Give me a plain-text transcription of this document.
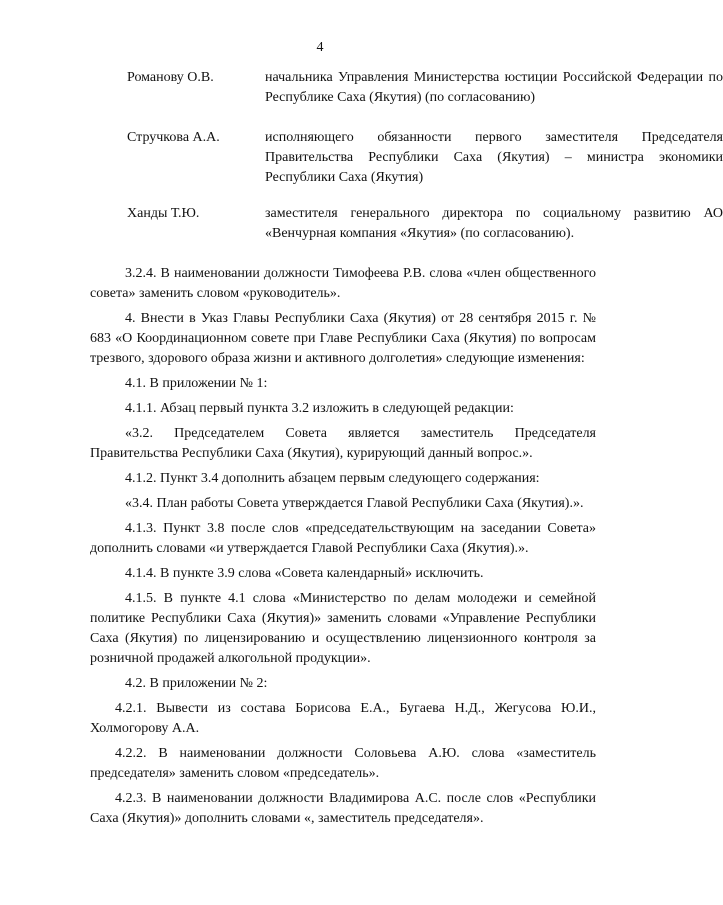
4
Романову О.В.	начальника Управления Министерства юстиции Российской Федерации по Республике Саха (Якутия) (по согласованию)
Стручкова А.А.	исполняющего обязанности первого заместителя Председателя Правительства Республики Саха (Якутия) – министра экономики Республики Саха (Якутия)
Ханды Т.Ю.	заместителя генерального директора по социальному развитию АО «Венчурная компания «Якутия» (по согласованию).

3.2.4. В наименовании должности Тимофеева Р.В. слова «член общественного совета» заменить словом «руководитель».

4. Внести в Указ Главы Республики Саха (Якутия) от 28 сентября 2015 г. № 683 «О Координационном совете при Главе Республики Саха (Якутия) по вопросам трезвого, здорового образа жизни и активного долголетия» следующие изменения:

4.1. В приложении № 1:

4.1.1. Абзац первый пункта 3.2 изложить в следующей редакции:

«3.2. Председателем Совета является заместитель Председателя Правительства Республики Саха (Якутия), курирующий данный вопрос.».

4.1.2. Пункт 3.4 дополнить абзацем первым следующего содержания:

«3.4. План работы Совета утверждается Главой Республики Саха (Якутия).».

4.1.3. Пункт 3.8 после слов «председательствующим на заседании Совета» дополнить словами «и утверждается Главой Республики Саха (Якутия).».

4.1.4. В пункте 3.9 слова «Совета календарный» исключить.

4.1.5. В пункте 4.1 слова «Министерство по делам молодежи и семейной политике Республики Саха (Якутия)» заменить словами «Управление Республики Саха (Якутия) по лицензированию и осуществлению лицензионного контроля за розничной продажей алкогольной продукции».

4.2. В приложении № 2:

4.2.1. Вывести из состава Борисова Е.А., Бугаева Н.Д., Жегусова Ю.И., Холмогорову А.А.

4.2.2. В наименовании должности Соловьева А.Ю. слова «заместитель председателя» заменить словом «председатель».

4.2.3. В наименовании должности Владимирова А.С. после слов «Республики Саха (Якутия)» дополнить словами «, заместитель председателя».
